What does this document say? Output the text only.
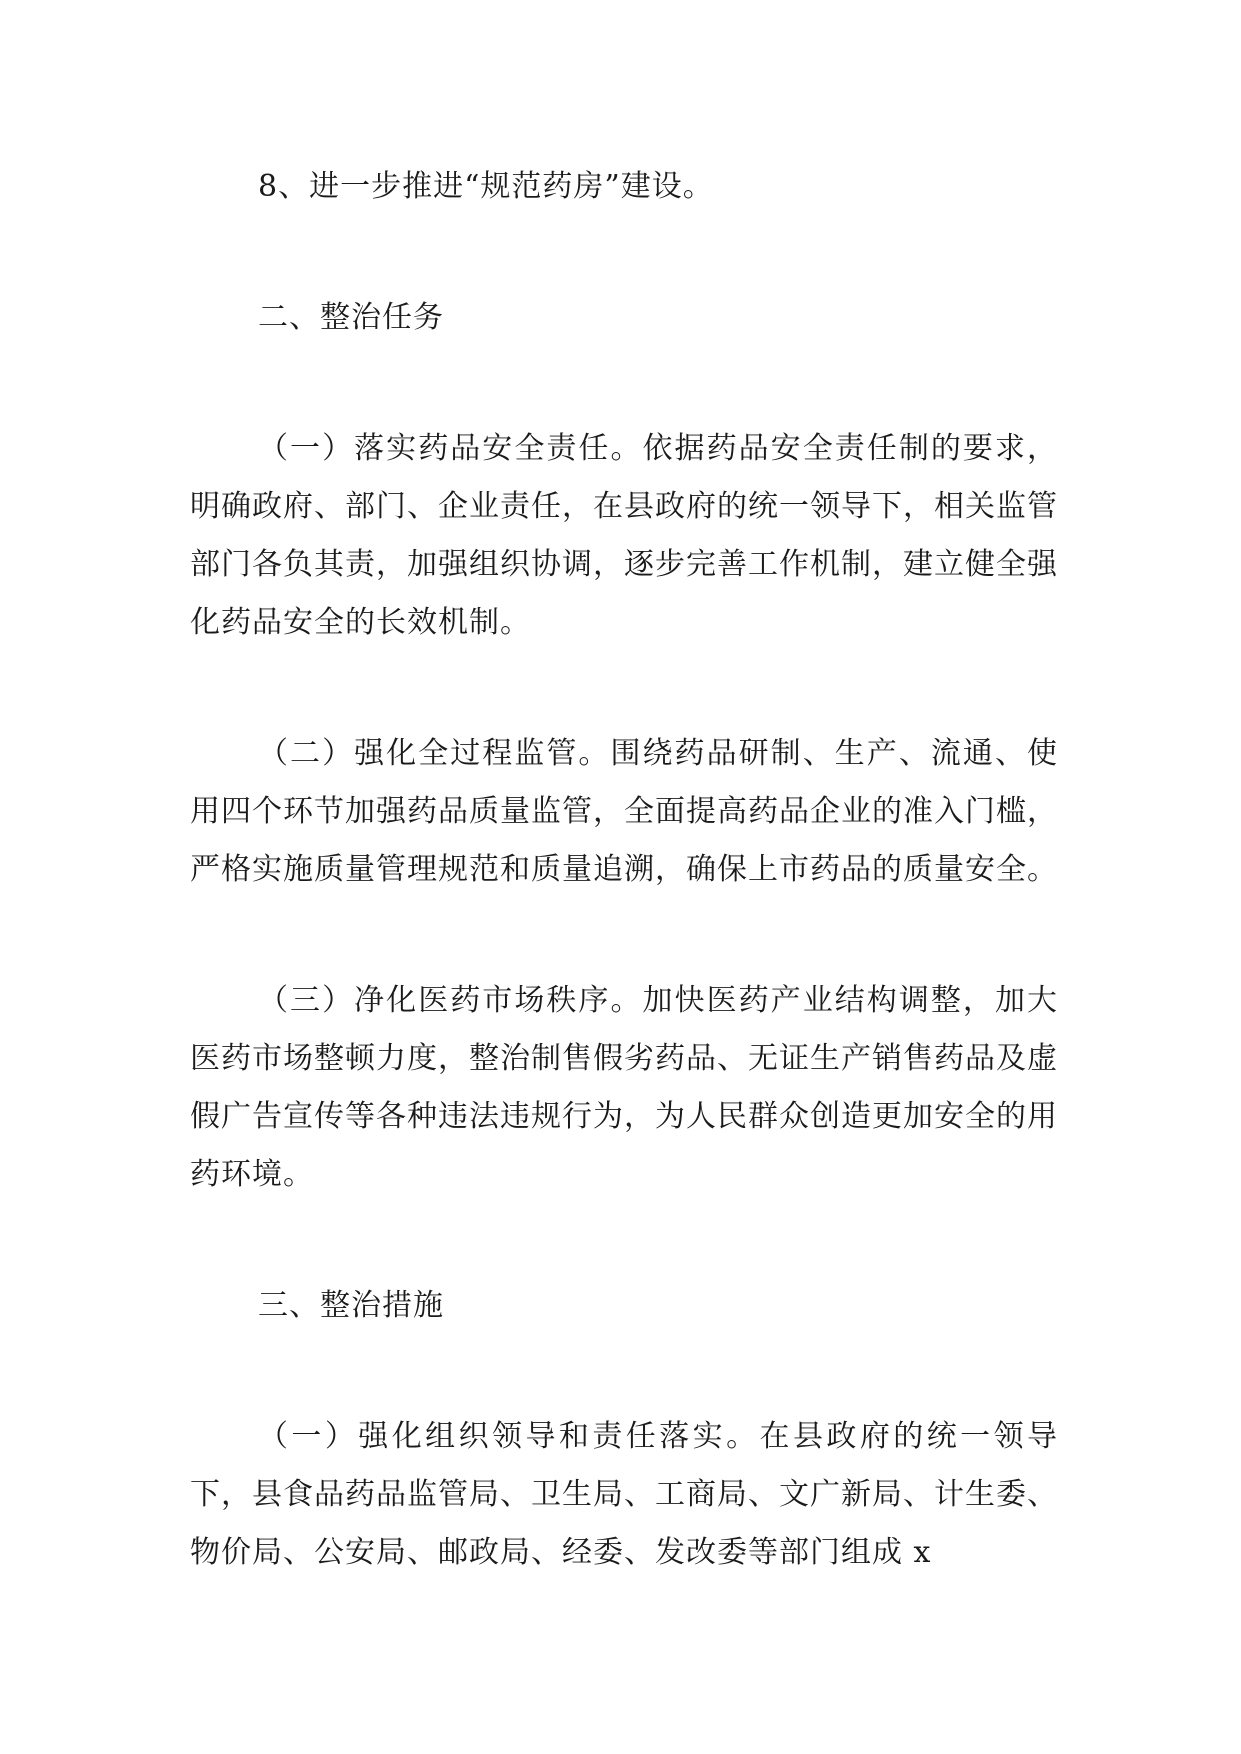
8、进一步推进“规范药房”建设。

二、整治任务

（一）落实药品安全责任。依据药品安全责任制的要求，明确政府、部门、企业责任，在县政府的统一领导下，相关监管部门各负其责，加强组织协调，逐步完善工作机制，建立健全强化药品安全的长效机制。

（二）强化全过程监管。围绕药品研制、生产、流通、使用四个环节加强药品质量监管，全面提高药品企业的准入门槛，严格实施质量管理规范和质量追溯，确保上市药品的质量安全。

（三）净化医药市场秩序。加快医药产业结构调整，加大医药市场整顿力度，整治制售假劣药品、无证生产销售药品及虚假广告宣传等各种违法违规行为，为人民群众创造更加安全的用药环境。

三、整治措施

（一）强化组织领导和责任落实。在县政府的统一领导下，县食品药品监管局、卫生局、工商局、文广新局、计生委、物价局、公安局、邮政局、经委、发改委等部门组成 x
